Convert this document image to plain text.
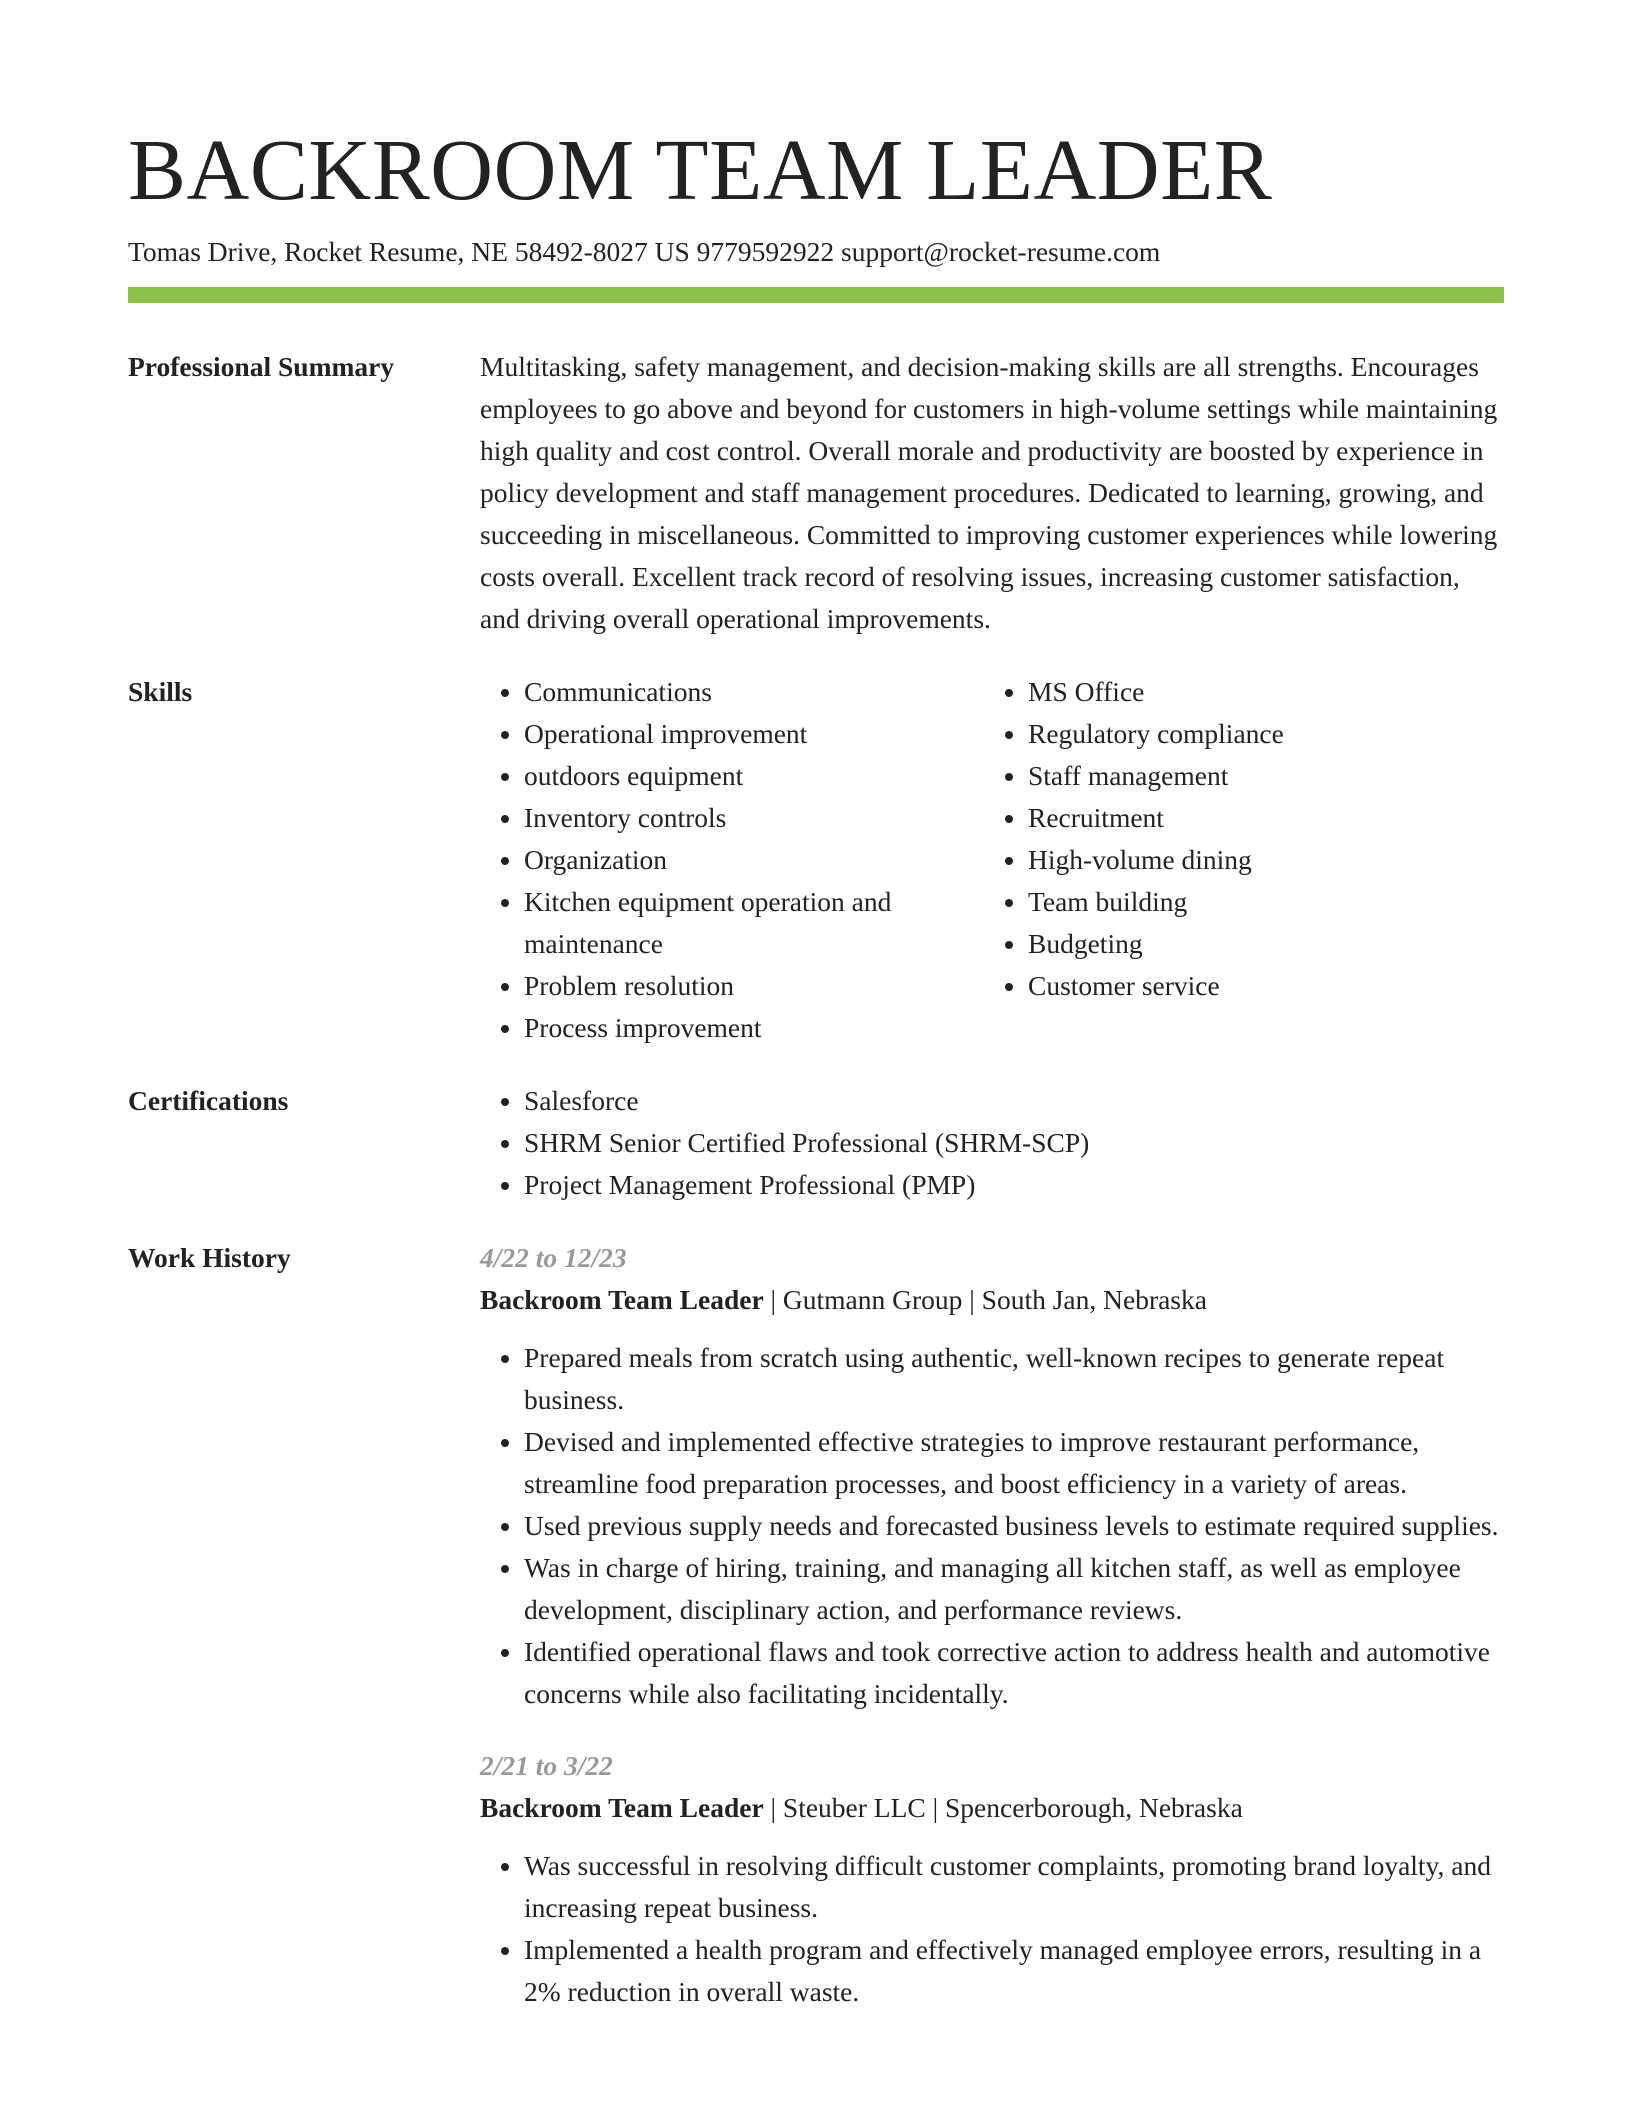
BACKROOM TEAM LEADER
Tomas Drive, Rocket Resume, NE 58492-8027 US 9779592922 support@rocket-resume.com
Professional Summary	Multitasking, safety management, and decision-making skills are all strengths. Encourages employees to go above and beyond for customers in high-volume settings while maintaining high quality and cost control. Overall morale and productivity are boosted by experience in policy development and staff management procedures. Dedicated to learning, growing, and succeeding in miscellaneous. Committed to improving customer experiences while lowering costs overall. Excellent track record of resolving issues, increasing customer satisfaction, and driving overall operational improvements.

Skills	• Communications
• Operational improvement
• outdoors equipment
• Inventory controls
• Organization
• Kitchen equipment operation and maintenance
• Problem resolution
• Process improvement
• MS Office
• Regulatory compliance
• Staff management
• Recruitment
• High-volume dining
• Team building
• Budgeting
• Customer service
Certifications	• Salesforce
• SHRM Senior Certified Professional (SHRM-SCP)
• Project Management Professional (PMP)
Work History	4/22 to 12/23
Backroom Team Leader | Gutmann Group | South Jan, Nebraska
• Prepared meals from scratch using authentic, well-known recipes to generate repeat business.
• Devised and implemented effective strategies to improve restaurant performance, streamline food preparation processes, and boost efficiency in a variety of areas.
• Used previous supply needs and forecasted business levels to estimate required supplies.
• Was in charge of hiring, training, and managing all kitchen staff, as well as employee development, disciplinary action, and performance reviews.
• Identified operational flaws and took corrective action to address health and automotive concerns while also facilitating incidentally.
2/21 to 3/22
Backroom Team Leader | Steuber LLC | Spencerborough, Nebraska
• Was successful in resolving difficult customer complaints, promoting brand loyalty, and increasing repeat business.
• Implemented a health program and effectively managed employee errors, resulting in a 2% reduction in overall waste.
